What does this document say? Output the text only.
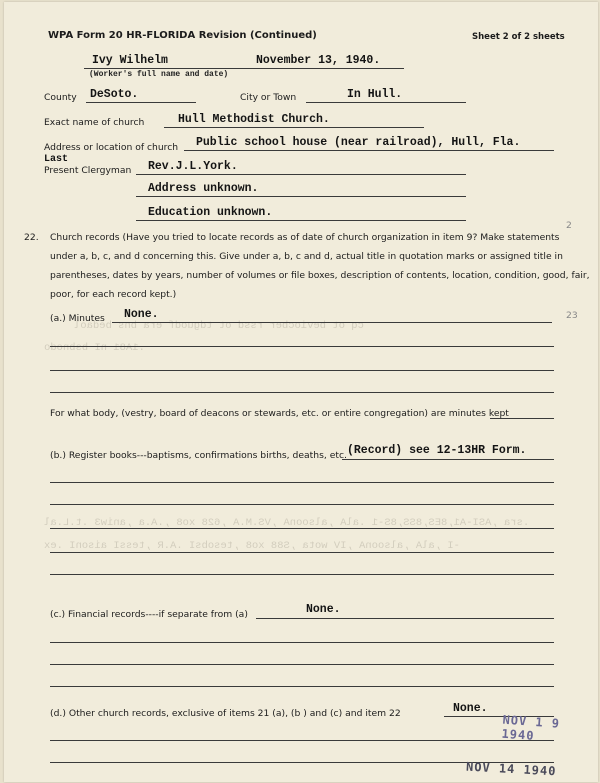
cq ot beviocber rssd ot tdguodf era bns bedaol
.1A81 nI bsbnodo
.sra ,ASI-A1,8ES,8SS,8S-1 .alA ,alsoonA ,VS.M.A ,628 xo8 ,.A.a ,aniw3 .t.L.al
-I ,alA ,alsoonA ,IV wota ,S88 xo8 ,tesobsI .A.R ,tessI aisonI .ex
WPA Form 20 HR-FLORIDA Revision (Continued)	Sheet 2 of 2 sheets
Ivy Wilhelm	November 13, 1940.
(Worker's full name and date)
County DeSoto.	City or Town	In Hull.
Exact name of church	Hull Methodist Church.
Address or location of church Public school house (near railroad), Hull, Fla.
Last
Present Clergyman Rev.J.L.York.
Address unknown.
Education unknown.
2
22. Church records (Have you tried to locate records as of date of church organization in item 9? Make statements
under a, b, c, and d concerning this. Give under a, b, c and d, actual title in quotation marks or assigned title in
parentheses, dates by years, number of volumes or file boxes, description of contents, location, condition, good, fair,
poor, for each record kept.)
(a.) Minutes None.	23
For what body, (vestry, board of deacons or stewards, etc. or entire congregation) are minutes kept
(b.) Register books---baptisms, confirmations births, deaths, etc. (Record) see 12-13HR Form.
(c.) Financial records----if separate from (a)	None.
(d.) Other church records, exclusive of items 21 (a), (b ) and (c) and item 22	None.
NOV 1 9 1940
NOV 14 1940
